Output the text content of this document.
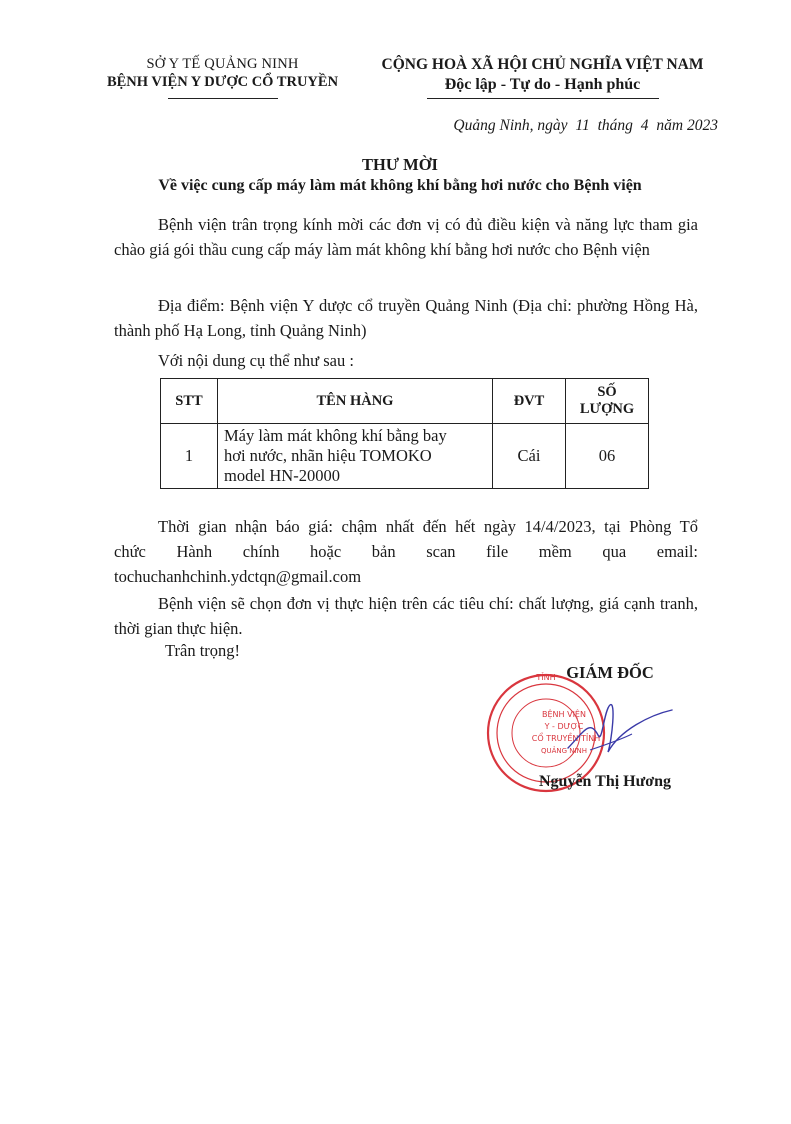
SỞ Y TẾ QUẢNG NINH
BỆNH VIỆN Y DƯỢC CỔ TRUYỀN
CỘNG HOÀ XÃ HỘI CHỦ NGHĨA VIỆT NAM
Độc lập - Tự do - Hạnh phúc
Quảng Ninh, ngày 11 tháng 4 năm 2023
THƯ MỜI
Về việc cung cấp máy làm mát không khí bằng hơi nước cho Bệnh viện
Bệnh viện trân trọng kính mời các đơn vị có đủ điều kiện và năng lực tham gia chào giá gói thầu cung cấp máy làm mát không khí bằng hơi nước cho Bệnh viện
Địa điểm: Bệnh viện Y dược cổ truyền Quảng Ninh (Địa chỉ: phường Hồng Hà, thành phố Hạ Long, tỉnh Quảng Ninh)
Với nội dung cụ thể như sau :
STT	TÊN HÀNG	ĐVT	SỐ
LƯỢNG

1	Máy làm mát không khí bằng bay
hơi nước, nhãn hiệu TOMOKO
model HN-20000	Cái	06
Thời gian nhận báo giá: chậm nhất đến hết ngày 14/4/2023, tại Phòng Tổ chức Hành chính hoặc bản scan file mềm qua email: tochuchanhchinh.ydctqn@gmail.com
Bệnh viện sẽ chọn đơn vị thực hiện trên các tiêu chí: chất lượng, giá cạnh tranh, thời gian thực hiện.
Trân trọng!
TỈNH
BỆNH VIỆN
Y - DƯỢC
CỔ TRUYỀN TỈNH
QUẢNG NINH
GIÁM ĐỐC
Nguyễn Thị Hương
